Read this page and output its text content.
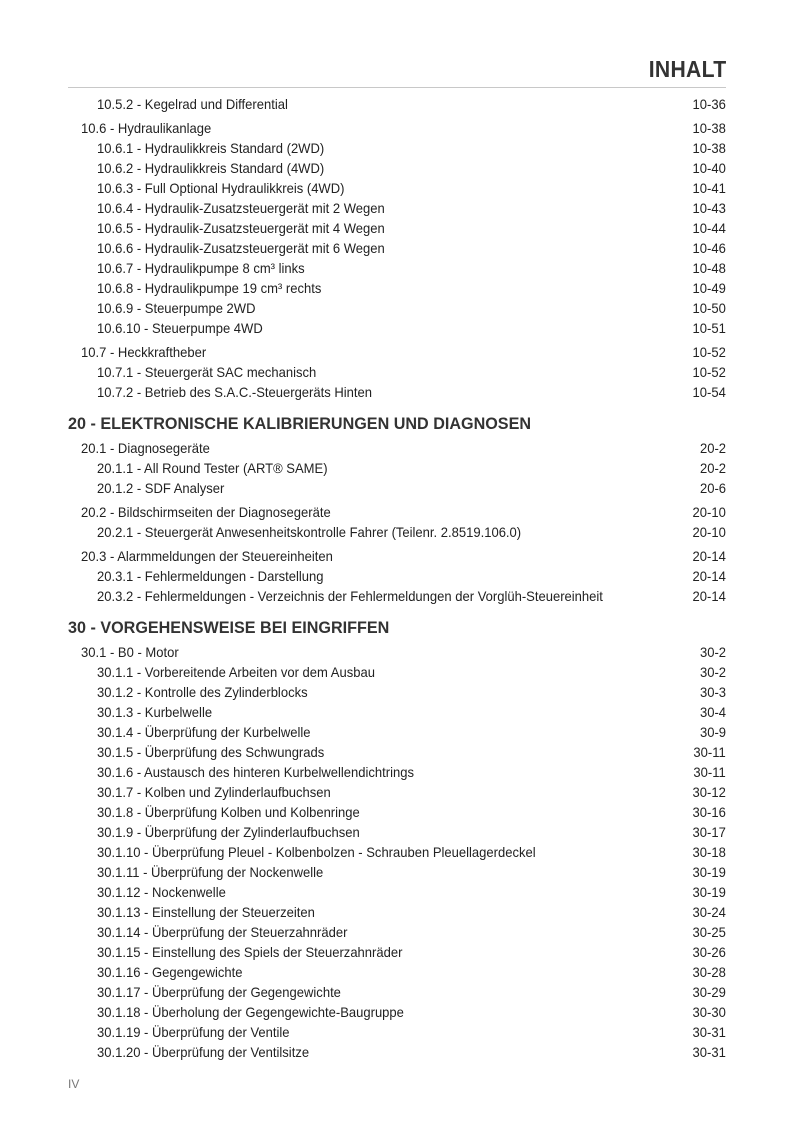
INHALT
10.5.2 - Kegelrad und Differential	10-36
10.6 - Hydraulikanlage	10-38
10.6.1 - Hydraulikkreis Standard (2WD)	10-38
10.6.2 - Hydraulikkreis Standard (4WD)	10-40
10.6.3 - Full Optional Hydraulikkreis (4WD)	10-41
10.6.4 - Hydraulik-Zusatzsteuergerät mit 2 Wegen	10-43
10.6.5 - Hydraulik-Zusatzsteuergerät mit 4 Wegen	10-44
10.6.6 - Hydraulik-Zusatzsteuergerät mit 6 Wegen	10-46
10.6.7 - Hydraulikpumpe 8 cm³ links	10-48
10.6.8 - Hydraulikpumpe 19 cm³ rechts	10-49
10.6.9 - Steuerpumpe 2WD	10-50
10.6.10 - Steuerpumpe 4WD	10-51
10.7 - Heckkraftheber	10-52
10.7.1 - Steuergerät SAC mechanisch	10-52
10.7.2 - Betrieb des S.A.C.-Steuergeräts Hinten	10-54
20 - ELEKTRONISCHE KALIBRIERUNGEN UND DIAGNOSEN
20.1 - Diagnosegeräte	20-2
20.1.1 - All Round Tester (ART® SAME)	20-2
20.1.2 - SDF Analyser	20-6
20.2 - Bildschirmseiten der Diagnosegeräte	20-10
20.2.1 - Steuergerät Anwesenheitskontrolle Fahrer (Teilenr. 2.8519.106.0)	20-10
20.3 - Alarmmeldungen der Steuereinheiten	20-14
20.3.1 - Fehlermeldungen - Darstellung	20-14
20.3.2 - Fehlermeldungen - Verzeichnis der Fehlermeldungen der Vorglüh-Steuereinheit	20-14
30 - VORGEHENSWEISE BEI EINGRIFFEN
30.1 - B0 - Motor	30-2
30.1.1 - Vorbereitende Arbeiten vor dem Ausbau	30-2
30.1.2 - Kontrolle des Zylinderblocks	30-3
30.1.3 - Kurbelwelle	30-4
30.1.4 - Überprüfung der Kurbelwelle	30-9
30.1.5 - Überprüfung des Schwungrads	30-11
30.1.6 - Austausch des hinteren Kurbelwellendichtrings	30-11
30.1.7 - Kolben und Zylinderlaufbuchsen	30-12
30.1.8 - Überprüfung Kolben und Kolbenringe	30-16
30.1.9 - Überprüfung der Zylinderlaufbuchsen	30-17
30.1.10 - Überprüfung Pleuel - Kolbenbolzen - Schrauben Pleuellagerdeckel	30-18
30.1.11 - Überprüfung der Nockenwelle	30-19
30.1.12 - Nockenwelle	30-19
30.1.13 - Einstellung der Steuerzeiten	30-24
30.1.14 - Überprüfung der Steuerzahnräder	30-25
30.1.15 - Einstellung des Spiels der Steuerzahnräder	30-26
30.1.16 - Gegengewichte	30-28
30.1.17 - Überprüfung der Gegengewichte	30-29
30.1.18 - Überholung der Gegengewichte-Baugruppe	30-30
30.1.19 - Überprüfung der Ventile	30-31
30.1.20 - Überprüfung der Ventilsitze	30-31
IV
